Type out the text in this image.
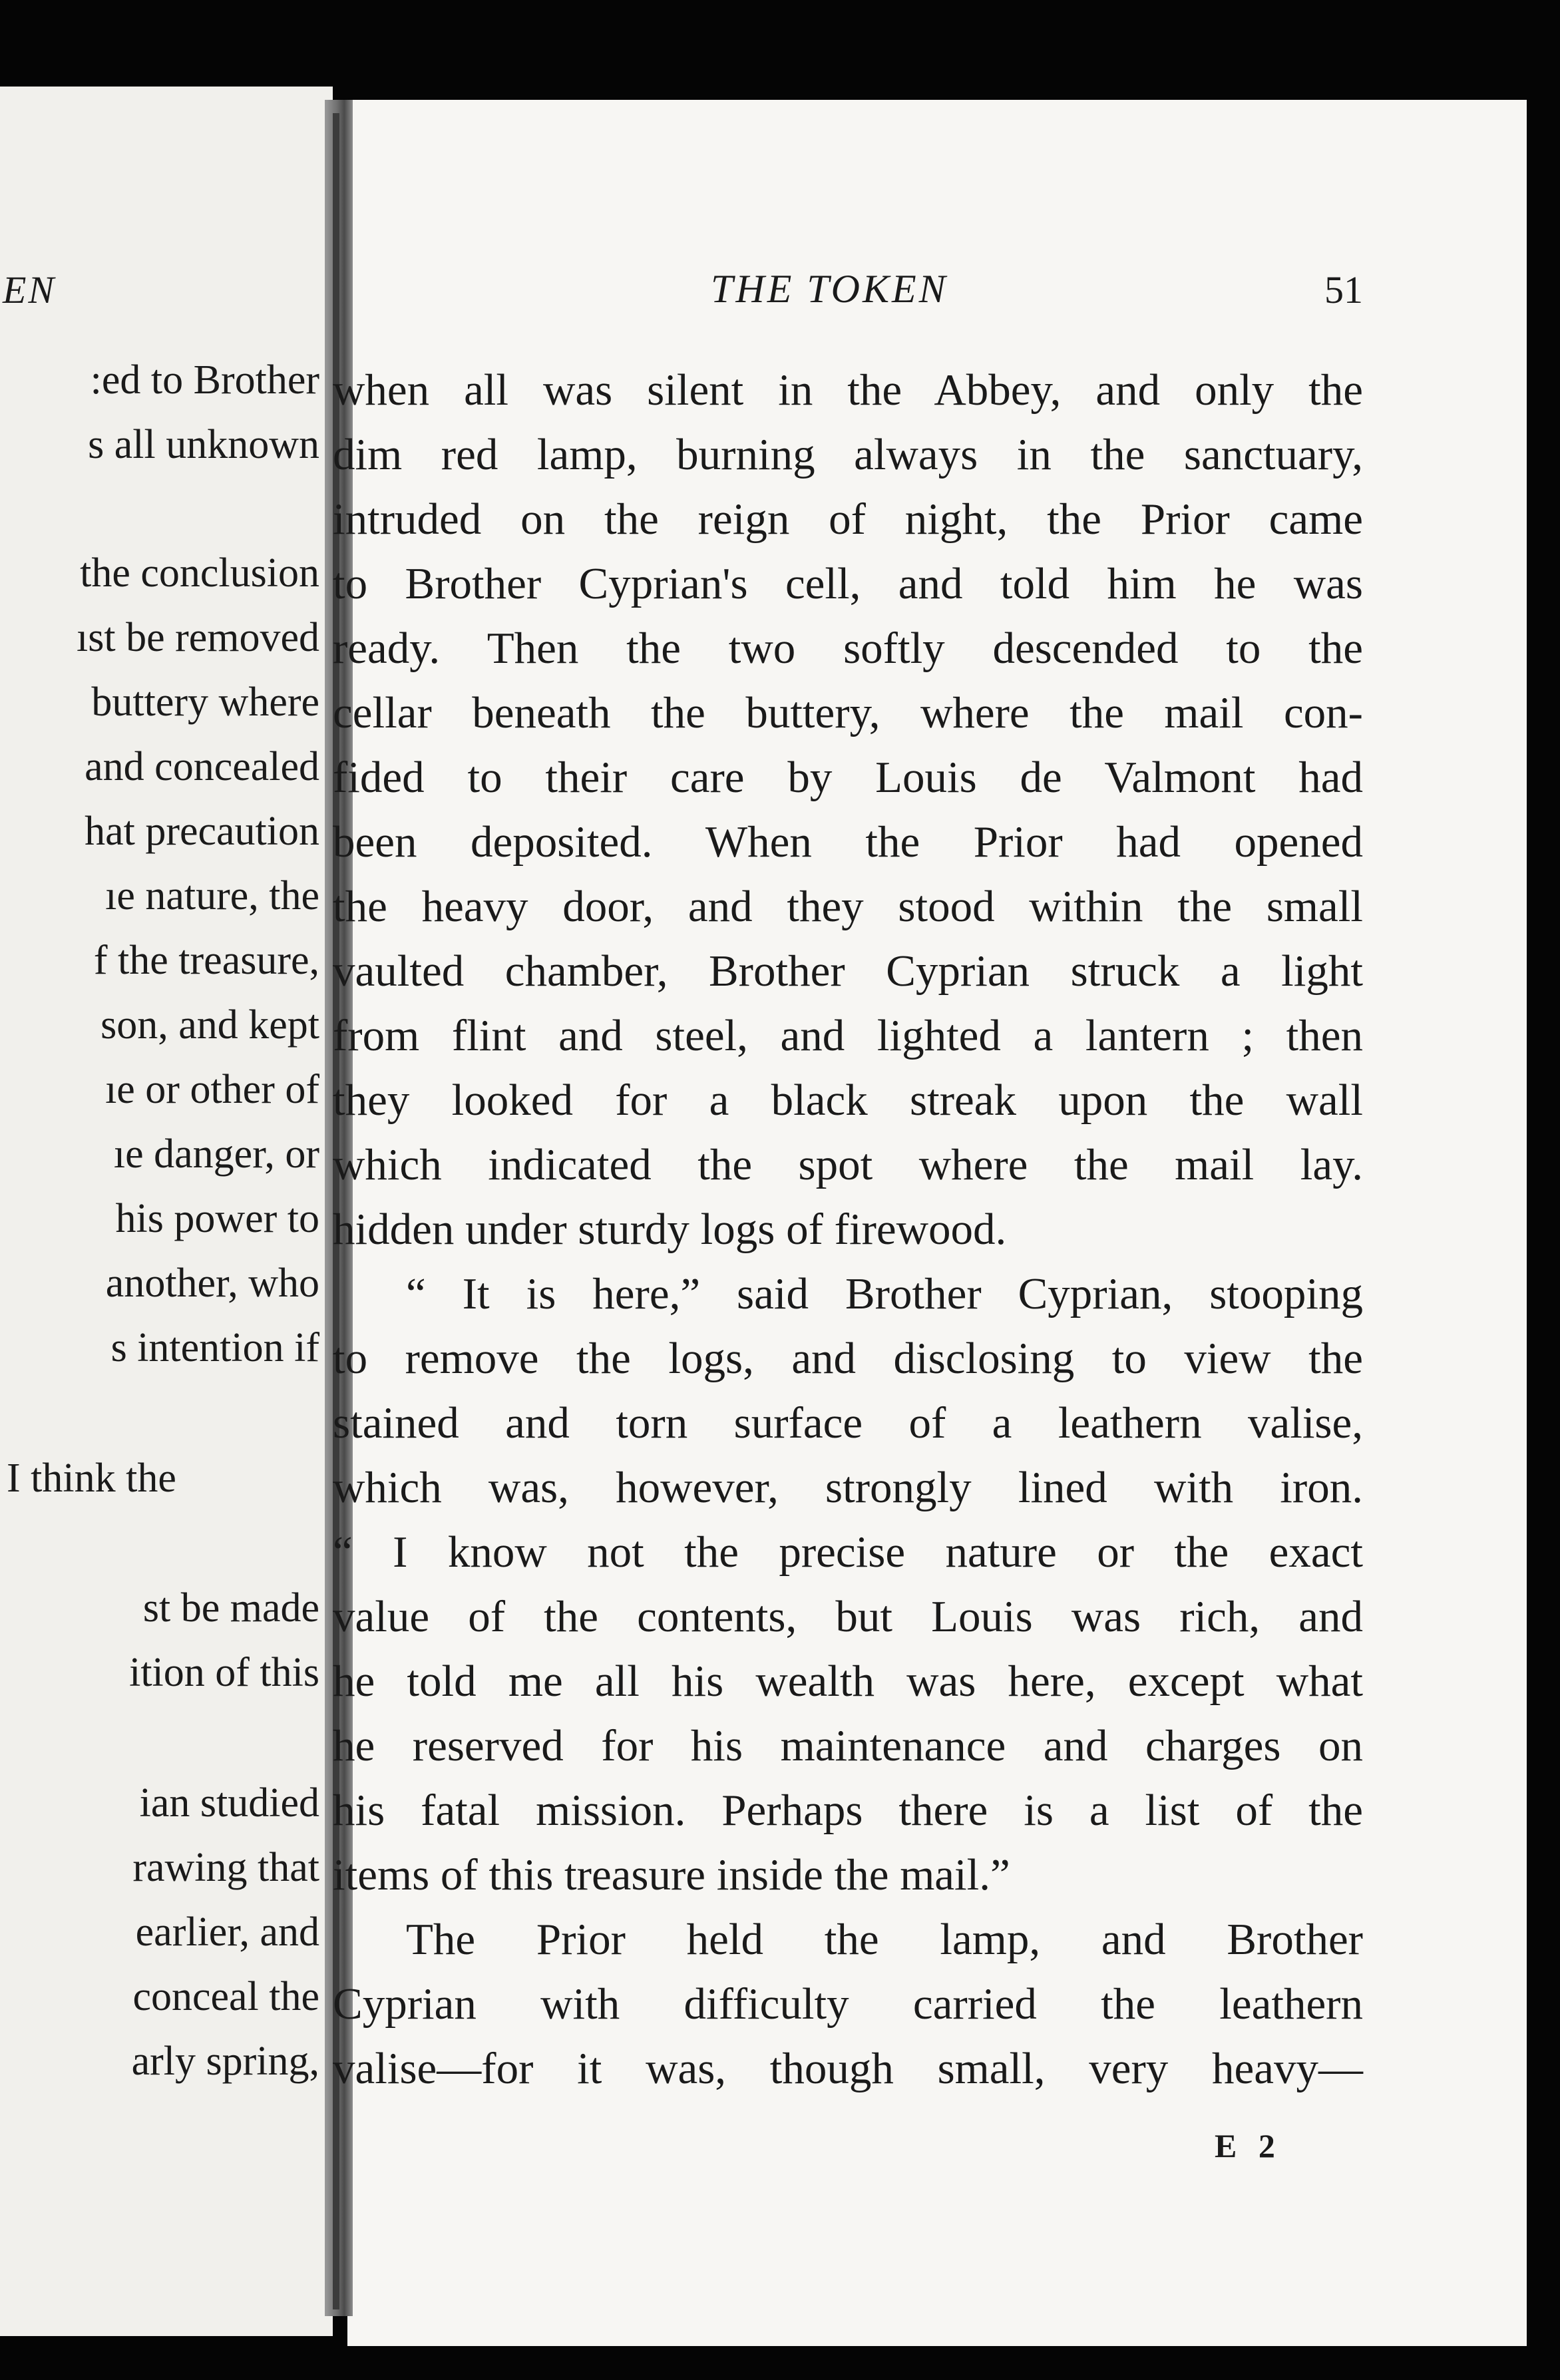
EN

:ed to Brother

s all unknown

the conclusion

ıst be removed

buttery where

and concealed

hat precaution

ıe nature, the

f the treasure,

son, and kept

ıe or other of

ıe danger, or

his power to

another, who

s intention if

I think the

st be made

ition of this

ian studied

rawing that

earlier, and

conceal the

arly spring,

THE TOKEN	51

when all was silent in the Abbey, and only the
dim red lamp, burning always in the sanctuary,
intruded on the reign of night, the Prior came
to Brother Cyprian's cell, and told him he was
ready. Then the two softly descended to the
cellar beneath the buttery, where the mail con-
fided to their care by Louis de Valmont had
been deposited. When the Prior had opened
the heavy door, and they stood within the small
vaulted chamber, Brother Cyprian struck a light
from flint and steel, and lighted a lantern ; then
they looked for a black streak upon the wall
which indicated the spot where the mail lay.
hidden under sturdy logs of firewood.
“ It is here,” said Brother Cyprian, stooping
to remove the logs, and disclosing to view the
stained and torn surface of a leathern valise,
which was, however, strongly lined with iron.
“ I know not the precise nature or the exact
value of the contents, but Louis was rich, and
he told me all his wealth was here, except what
he reserved for his maintenance and charges on
his fatal mission. Perhaps there is a list of the
items of this treasure inside the mail.”
The Prior held the lamp, and Brother
Cyprian with difficulty carried the leathern
valise—for it was, though small, very heavy—

E 2
